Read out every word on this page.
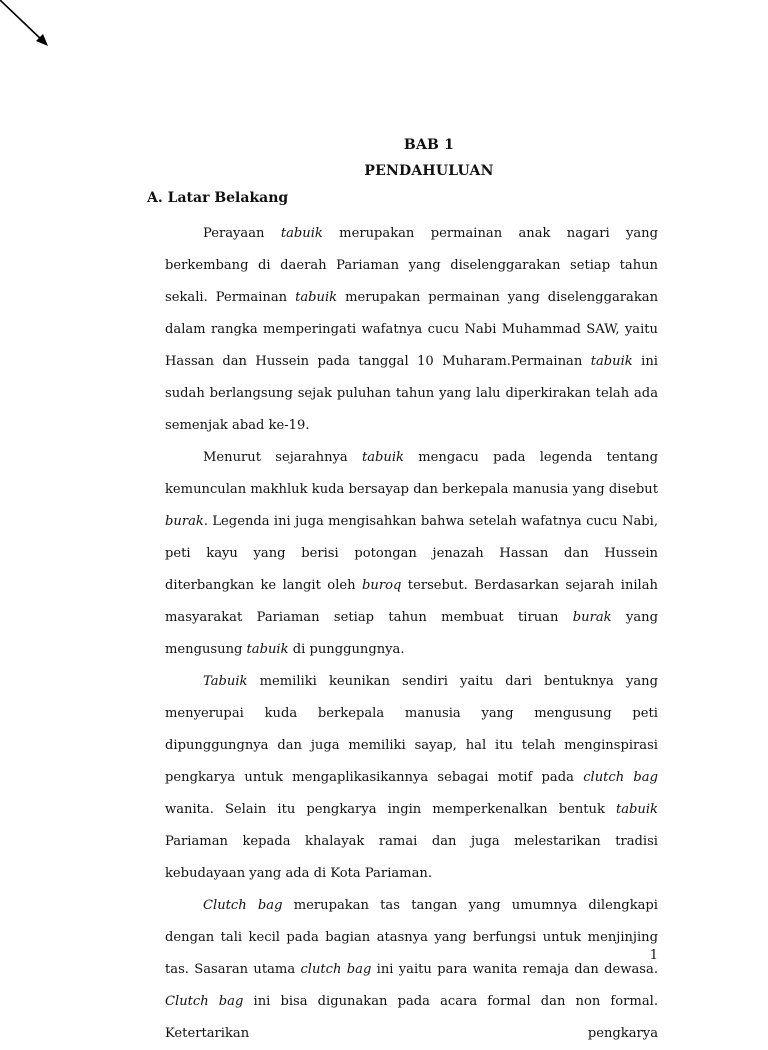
BAB 1
PENDAHULUAN
A. Latar Belakang

Perayaan tabuik merupakan permainan anak nagari yang berkembang di daerah Pariaman yang diselenggarakan setiap tahun sekali. Permainan tabuik merupakan permainan yang diselenggarakan dalam rangka memperingati wafatnya cucu Nabi Muhammad SAW, yaitu Hassan dan Hussein pada tanggal 10 Muharam.Permainan tabuik ini sudah berlangsung sejak puluhan tahun yang lalu diperkirakan telah ada semenjak abad ke-19.

Menurut sejarahnya tabuik mengacu pada legenda tentang kemunculan makhluk kuda bersayap dan berkepala manusia yang disebut burak. Legenda ini juga mengisahkan bahwa setelah wafatnya cucu Nabi, peti kayu yang berisi potongan jenazah Hassan dan Hussein diterbangkan ke langit oleh buroq tersebut. Berdasarkan sejarah inilah masyarakat Pariaman setiap tahun membuat tiruan burak yang mengusung tabuik di punggungnya.

Tabuik memiliki keunikan sendiri yaitu dari bentuknya yang menyerupai kuda berkepala manusia yang mengusung peti dipunggungnya dan juga memiliki sayap, hal itu telah menginspirasi pengkarya untuk mengaplikasikannya sebagai motif pada clutch bag wanita. Selain itu pengkarya ingin memperkenalkan bentuk tabuik Pariaman kepada khalayak ramai dan juga melestarikan tradisi kebudayaan yang ada di Kota Pariaman.

Clutch bag merupakan tas tangan yang umumnya dilengkapi dengan tali kecil pada bagian atasnya yang berfungsi untuk menjinjing tas. Sasaran utama clutch bag ini yaitu para wanita remaja dan dewasa. Clutch bag ini bisa digunakan pada acara formal dan non formal. Ketertarikan pengkarya

1
